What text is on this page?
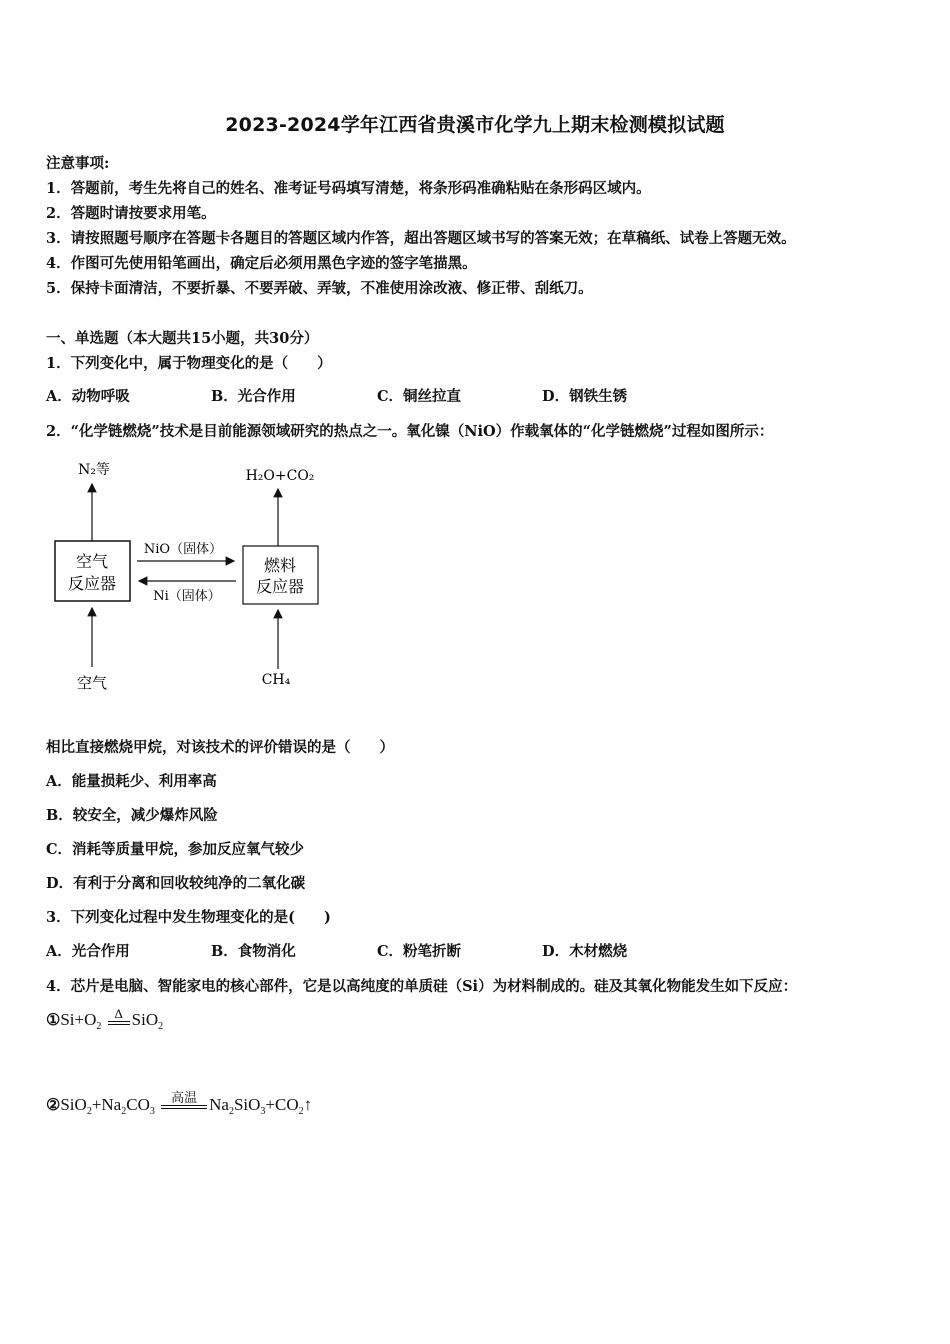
2023-2024学年江西省贵溪市化学九上期末检测模拟试题
注意事项:
1．答题前，考生先将自己的姓名、准考证号码填写清楚，将条形码准确粘贴在条形码区域内。
2．答题时请按要求用笔。
3．请按照题号顺序在答题卡各题目的答题区域内作答，超出答题区域书写的答案无效；在草稿纸、试卷上答题无效。
4．作图可先使用铅笔画出，确定后必须用黑色字迹的签字笔描黑。
5．保持卡面清洁，不要折暴、不要弄破、弄皱，不准使用涂改液、修正带、刮纸刀。
一、单选题（本大题共15小题，共30分）
1．下列变化中，属于物理变化的是（　　）
A．动物呼吸	B．光合作用	C．铜丝拉直	D．钢铁生锈
2．“化学链燃烧”技术是目前能源领域研究的热点之一。氧化镍（NiO）作载氧体的“化学链燃烧”过程如图所示：
空气
反应器
燃料
反应器
N₂等	H₂O+CO₂
空气	CH₄
NiO（固体）
Ni（固体）
相比直接燃烧甲烷，对该技术的评价错误的是（　　）
A．能量损耗少、利用率高
B．较安全，减少爆炸风险
C．消耗等质量甲烷，参加反应氧气较少
D．有利于分离和回收较纯净的二氧化碳
3．下列变化过程中发生物理变化的是(　　)
A．光合作用	B．食物消化	C．粉笔折断	D．木材燃烧
4．芯片是电脑、智能家电的核心部件，它是以高纯度的单质硅（Si）为材料制成的。硅及其氧化物能发生如下反应：
$①Si+O_2$
Δ SiO$_2$
$②SiO_2+Na_2CO_3$
高温 $Na_2SiO_3+CO_2↑$
